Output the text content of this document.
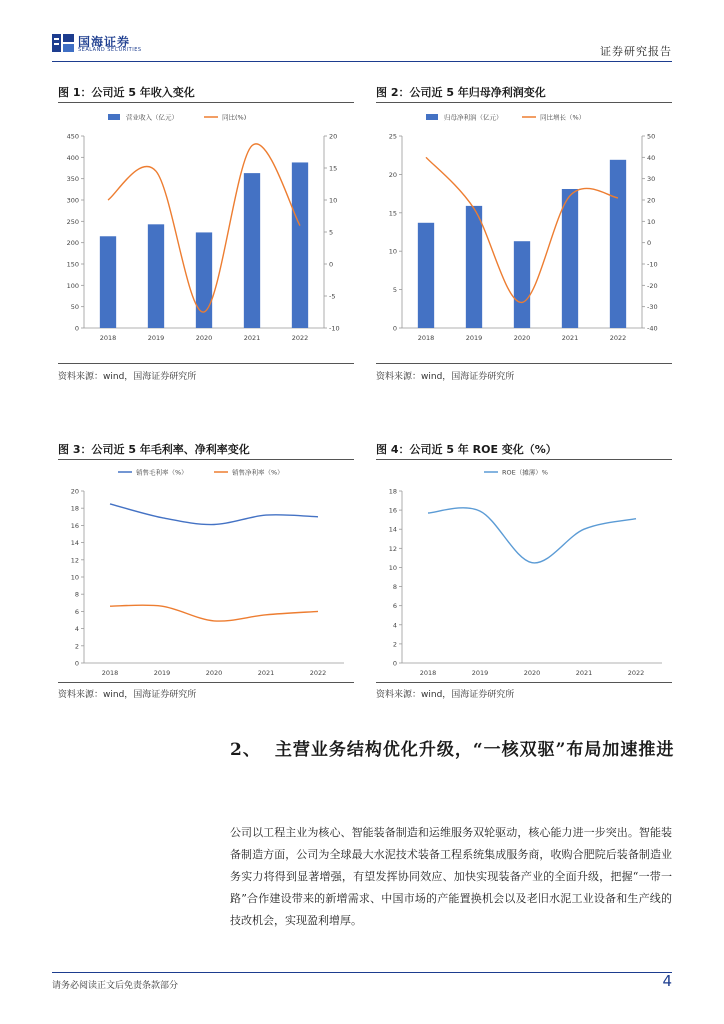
国海证券
SEALAND SECURITIES	证券研究报告
图 1：公司近 5 年收入变化
0
50
100
150
200
250
300
350
400
450
-10
-5
0
5
10
15
20
2018	2019	2020	2021	2022
营业收入（亿元）	同比(%)
资料来源：wind，国海证券研究所
图 2：公司近 5 年归母净利润变化
0
5
10
15
20
25
-40
-30
-20
-10
0
10
20
30
40
50
2018	2019	2020	2021	2022
归母净利润（亿元）	同比增长（%）
资料来源：wind，国海证券研究所
图 3：公司近 5 年毛利率、净利率变化
0
2
4
6
8
10
12
14
16
18
20
2018	2019	2020	2021	2022
销售毛利率（%）	销售净利率（%）
资料来源：wind，国海证券研究所
图 4：公司近 5 年 ROE 变化（%）
0
2
4
6
8
10
12
14
16
18
2018	2019	2020	2021	2022
ROE（摊薄）%
资料来源：wind，国海证券研究所
2、 主营业务结构优化升级，“一核双驱”布局加速推进
公司以工程主业为核心、智能装备制造和运维服务双轮驱动，核心能力进一步突出。智能装备制造方面，公司为全球最大水泥技术装备工程系统集成服务商，收购合肥院后装备制造业务实力将得到显著增强，有望发挥协同效应、加快实现装备产业的全面升级，把握“一带一路”合作建设带来的新增需求、中国市场的产能置换机会以及老旧水泥工业设备和生产线的技改机会，实现盈利增厚。
请务必阅读正文后免责条款部分	4
